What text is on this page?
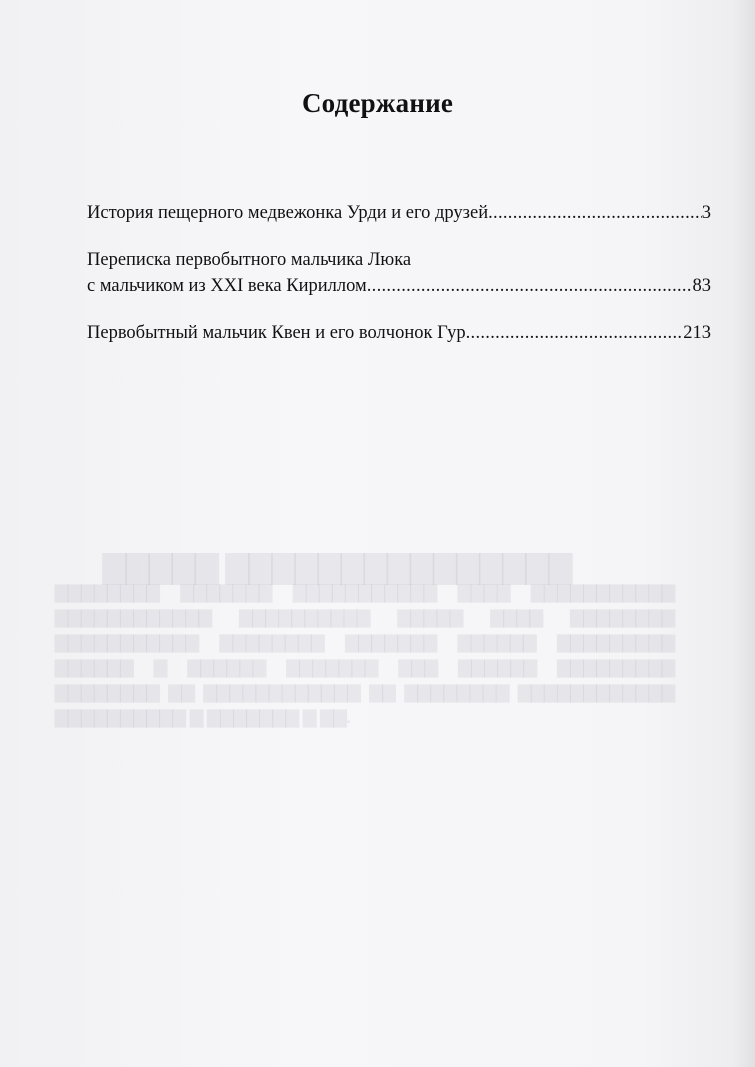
▇▇▇▇▇ ▇▇▇▇▇▇▇▇▇▇▇▇▇▇▇
▇▇▇▇▇▇▇▇ ▇▇▇▇▇▇▇ ▇▇▇▇▇▇▇▇▇▇▇ ▇▇▇▇ ▇▇▇▇▇▇▇▇▇▇▇ ▇▇▇▇▇▇▇▇▇▇▇▇ ▇▇▇▇▇▇▇▇▇▇ ▇▇▇▇▇ ▇▇▇▇ ▇▇▇▇▇▇▇▇ ▇▇▇▇▇▇▇▇▇▇▇ ▇▇▇▇▇▇▇▇ ▇▇▇▇▇▇▇ ▇▇▇▇▇▇ ▇▇▇▇▇▇▇▇▇ ▇▇▇▇▇▇ ▇ ▇▇▇▇▇▇ ▇▇▇▇▇▇▇ ▇▇▇ ▇▇▇▇▇▇ ▇▇▇▇▇▇▇▇▇ ▇▇▇▇▇▇▇▇ ▇▇ ▇▇▇▇▇▇▇▇▇▇▇▇ ▇▇ ▇▇▇▇▇▇▇▇ ▇▇▇▇▇▇▇▇▇▇▇▇ ▇▇▇▇▇▇▇▇▇▇ ▇ ▇▇▇▇▇▇▇ ▇ ▇▇.
Содержание
История пещерного медвежонка Урди и его друзей .....	3
Переписка первобытного мальчика Люка
с мальчиком из XXI века Кириллом .....	83
Первобытный мальчик Квен и его волчонок Гур .....	213
